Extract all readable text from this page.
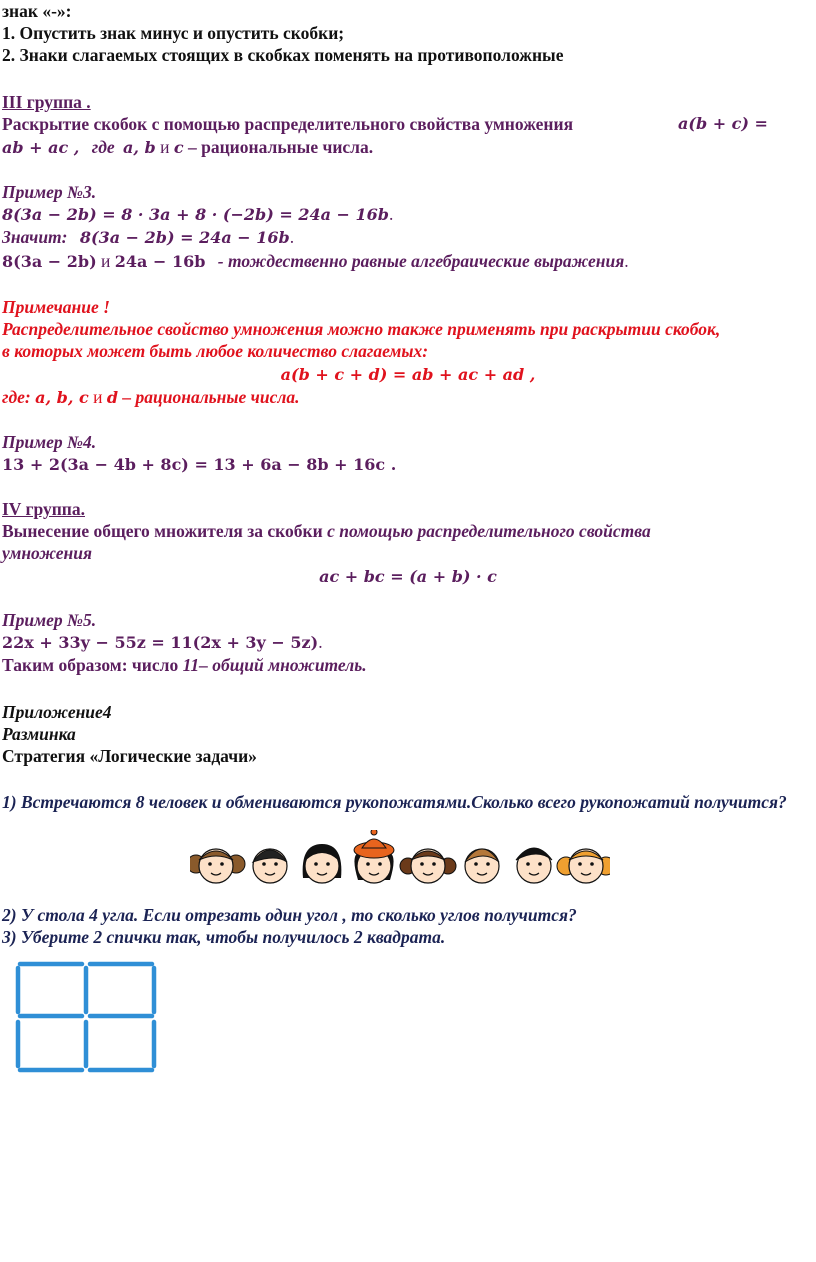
знак «-»:
1. Опустить знак минус и опустить скобки;
2. Знаки слагаемых стоящих в скобках поменять на противоположные
III группа .
Раскрытие скобок с помощью распределительного свойства умножения	a(b + c) =
ab + ac , где a, b и c – рациональные числа.
Пример №3.
8(3a − 2b) = 8 · 3a + 8 · (−2b) = 24a − 16b.
Значит: 8(3a − 2b) = 24a − 16b.
8(3a − 2b) и 24a − 16b - тождественно равные алгебраические выражения.
Примечание !
Распределительное свойство умножения можно также применять при раскрытии скобок,
в которых может быть любое количество слагаемых:
a(b + c + d) = ab + ac + ad ,
где: a, b, c и d – рациональные числа.
Пример №4.
13 + 2(3a − 4b + 8c) = 13 + 6a − 8b + 16c .
IV группа.
Вынесение общего множителя за скобки с помощью распределительного свойства
умножения
ac + bc = (a + b) · c
Пример №5.
22x + 33y − 55z = 11(2x + 3y − 5z).
Таким образом: число 11– общий множитель.
Приложение4
Разминка
Стратегия «Логические задачи»
1) Встречаются 8 человек и обмениваются рукопожатями.Сколько всего рукопожатий получится?
2) У стола 4 угла. Если отрезать один угол , то сколько углов получится?
3) Уберите 2 спички так, чтобы получилось 2 квадрата.
